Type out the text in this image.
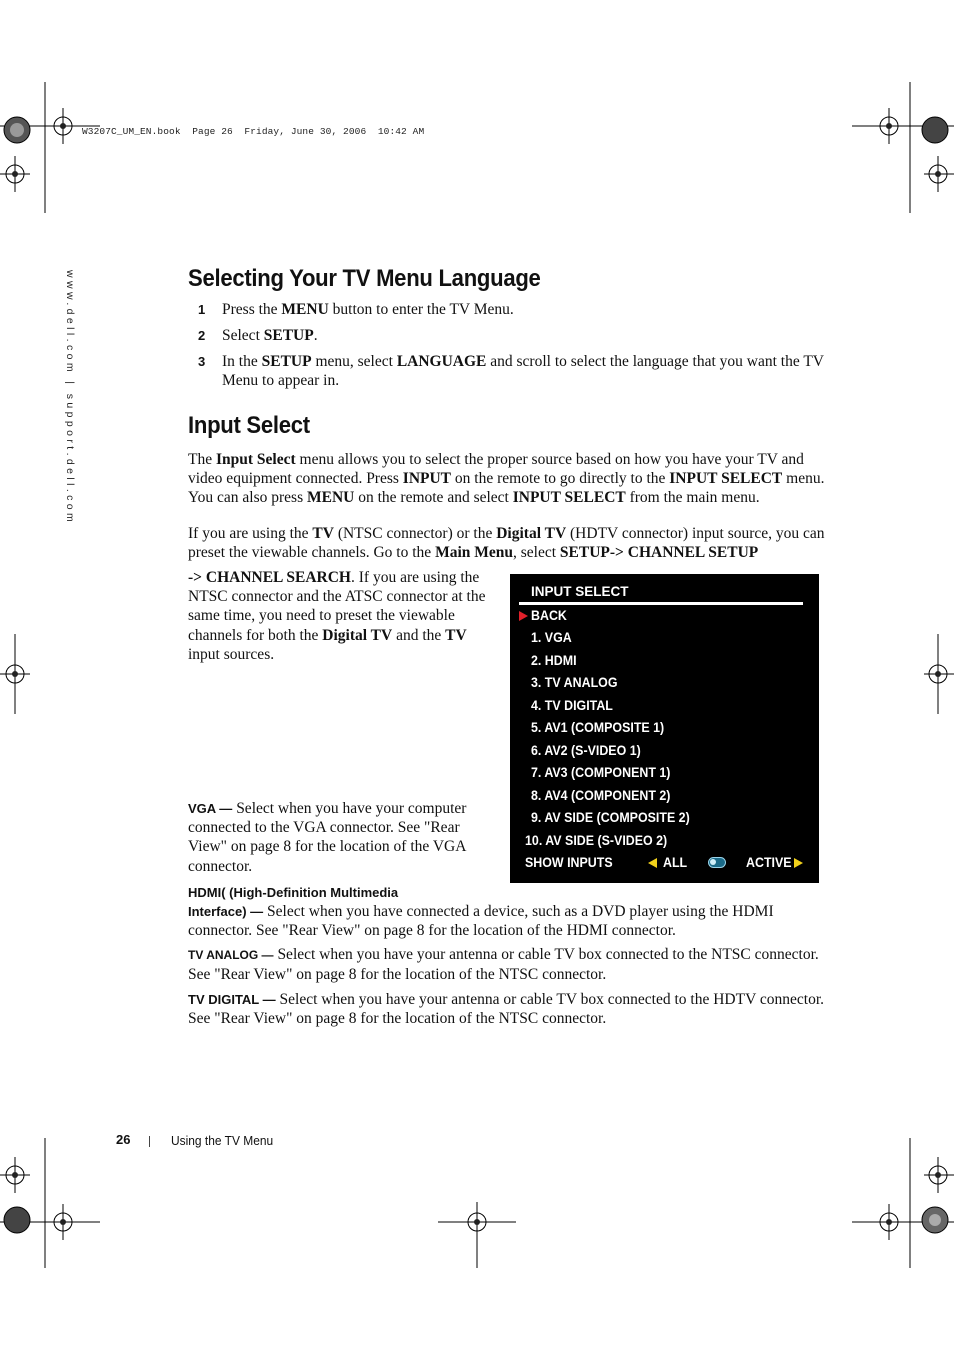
W3207C_UM_EN.book  Page 26  Friday, June 30, 2006  10:42 AM
www.dell.com | support.dell.com	Selecting Your TV Menu Language
1 Press the MENU button to enter the TV Menu.
2 Select SETUP.
3 In the SETUP menu, select LANGUAGE and scroll to select the language that you want the TV Menu to appear in.
Input Select
The Input Select menu allows you to select the proper source based on how you have your TV and video equipment connected. Press INPUT on the remote to go directly to the INPUT SELECT menu. You can also press MENU on the remote and select INPUT SELECT from the main menu.
If you are using the TV (NTSC connector) or the Digital TV (HDTV connector) input source, you can preset the viewable channels. Go to the Main Menu, select SETUP-> CHANNEL SETUP
-> CHANNEL SEARCH. If you are using the NTSC connector and the ATSC connector at the same time, you need to preset the viewable channels for both the Digital TV and the TV input sources.
INPUT SELECT
BACK
1. VGA
2. HDMI
3. TV ANALOG
4. TV DIGITAL
5. AV1 (COMPOSITE 1)
6. AV2 (S-VIDEO 1)
7. AV3 (COMPONENT 1)
8. AV4 (COMPONENT 2)
9. AV SIDE (COMPOSITE 2)
10. AV SIDE (S-VIDEO 2)
SHOW INPUTS	ALL	ACTIVE
VGA — Select when you have your computer connected to the VGA connector. See "Rear View" on page 8 for the location of the VGA connector.
HDMI( (High-Definition Multimedia
Interface) — Select when you have connected a device, such as a DVD player using the HDMI connector. See "Rear View" on page 8 for the location of the HDMI connector.
TV ANALOG — Select when you have your antenna or cable TV box connected to the NTSC connector. See "Rear View" on page 8 for the location of the NTSC connector.
TV DIGITAL — Select when you have your antenna or cable TV box connected to the HDTV connector. See "Rear View" on page 8 for the location of the NTSC connector.
26	Using the TV Menu
